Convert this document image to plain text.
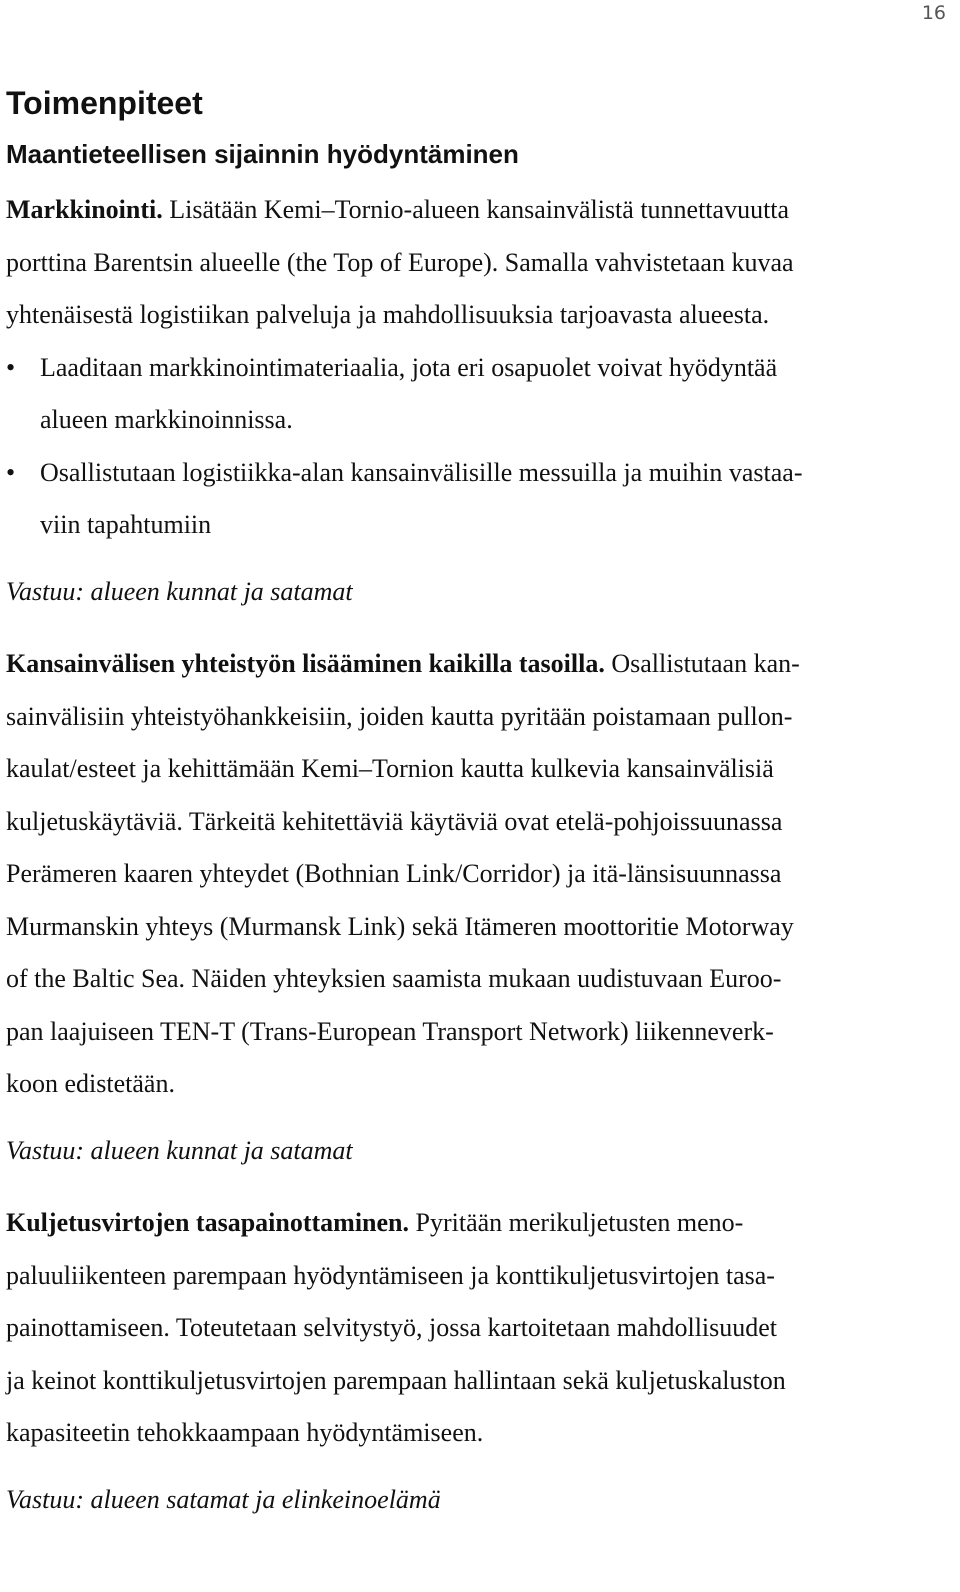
16
Toimenpiteet
Maantieteellisen sijainnin hyödyntäminen
Markkinointi. Lisätään Kemi–Tornio-alueen kansainvälistä tunnettavuutta
porttina Barentsin alueelle (the Top of Europe). Samalla vahvistetaan kuvaa
yhtenäisestä logistiikan palveluja ja mahdollisuuksia tarjoavasta alueesta.
• Laaditaan markkinointimateriaalia, jota eri osapuolet voivat hyödyntää
alueen markkinoinnissa.
• Osallistutaan logistiikka-alan kansainvälisille messuilla ja muihin vastaa-
viin tapahtumiin
Vastuu: alueen kunnat ja satamat
Kansainvälisen yhteistyön lisääminen kaikilla tasoilla. Osallistutaan kan-
sainvälisiin yhteistyöhankkeisiin, joiden kautta pyritään poistamaan pullon-
kaulat/esteet ja kehittämään Kemi–Tornion kautta kulkevia kansainvälisiä
kuljetuskäytäviä. Tärkeitä kehitettäviä käytäviä ovat etelä-pohjoissuunassa
Perämeren kaaren yhteydet (Bothnian Link/Corridor) ja itä-länsisuunnassa
Murmanskin yhteys (Murmansk Link) sekä Itämeren moottoritie Motorway
of the Baltic Sea. Näiden yhteyksien saamista mukaan uudistuvaan Euroo-
pan laajuiseen TEN-T (Trans-European Transport Network) liikenneverk-
koon edistetään.
Vastuu: alueen kunnat ja satamat
Kuljetusvirtojen tasapainottaminen. Pyritään merikuljetusten meno-
paluuliikenteen parempaan hyödyntämiseen ja konttikuljetusvirtojen tasa-
painottamiseen. Toteutetaan selvitystyö, jossa kartoitetaan mahdollisuudet
ja keinot konttikuljetusvirtojen parempaan hallintaan sekä kuljetuskaluston
kapasiteetin tehokkaampaan hyödyntämiseen.
Vastuu: alueen satamat ja elinkeinoelämä
